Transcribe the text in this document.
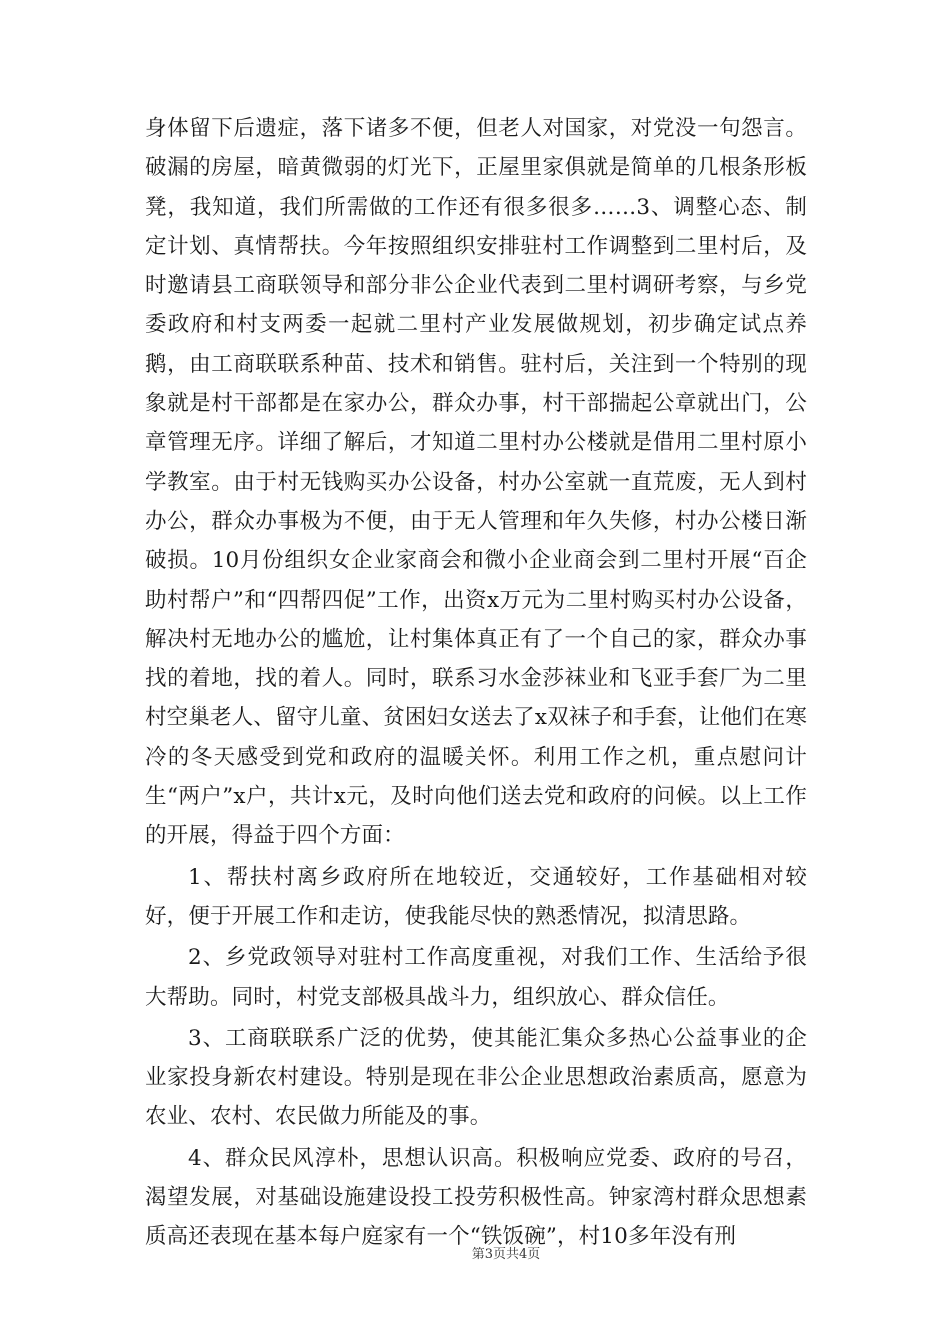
身体留下后遗症，落下诸多不便，但老人对国家，对党没一句怨言。破漏的房屋，暗黄微弱的灯光下，正屋里家俱就是简单的几根条形板凳，我知道，我们所需做的工作还有很多很多……3、调整心态、制定计划、真情帮扶。今年按照组织安排驻村工作调整到二里村后，及时邀请县工商联领导和部分非公企业代表到二里村调研考察，与乡党委政府和村支两委一起就二里村产业发展做规划，初步确定试点养鹅，由工商联联系种苗、技术和销售。驻村后，关注到一个特别的现象就是村干部都是在家办公，群众办事，村干部揣起公章就出门，公章管理无序。详细了解后，才知道二里村办公楼就是借用二里村原小学教室。由于村无钱购买办公设备，村办公室就一直荒废，无人到村办公，群众办事极为不便，由于无人管理和年久失修，村办公楼日渐破损。10月份组织女企业家商会和微小企业商会到二里村开展“百企助村帮户”和“四帮四促”工作，出资x万元为二里村购买村办公设备，解决村无地办公的尴尬，让村集体真正有了一个自己的家，群众办事找的着地，找的着人。同时，联系习水金莎袜业和飞亚手套厂为二里村空巢老人、留守儿童、贫困妇女送去了x双袜子和手套，让他们在寒冷的冬天感受到党和政府的温暖关怀。利用工作之机，重点慰问计生“两户”x户，共计x元，及时向他们送去党和政府的问候。以上工作的开展，得益于四个方面：

1、帮扶村离乡政府所在地较近，交通较好，工作基础相对较好，便于开展工作和走访，使我能尽快的熟悉情况，拟清思路。

2、乡党政领导对驻村工作高度重视，对我们工作、生活给予很大帮助。同时，村党支部极具战斗力，组织放心、群众信任。

3、工商联联系广泛的优势，使其能汇集众多热心公益事业的企业家投身新农村建设。特别是现在非公企业思想政治素质高，愿意为农业、农村、农民做力所能及的事。

4、群众民风淳朴，思想认识高。积极响应党委、政府的号召，渴望发展，对基础设施建设投工投劳积极性高。钟家湾村群众思想素质高还表现在基本每户庭家有一个“铁饭碗”，村10多年没有刑

第3页共4页
